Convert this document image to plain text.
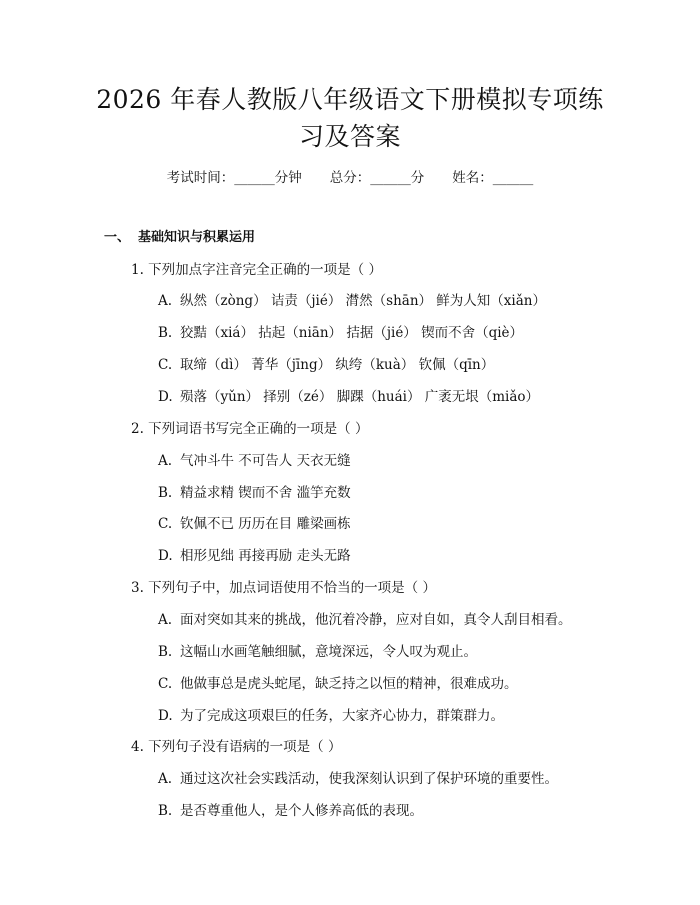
2026 年春人教版八年级语文下册模拟专项练
习及答案
考试时间：______分钟 总分：______分 姓名：______
一、 基础知识与积累运用
1. 下列加点字注音完全正确的一项是（ ）
A. 纵然（zòng） 诘责（jié） 潸然（shān） 鲜为人知（xiǎn）
B. 狡黠（xiá） 拈起（niān） 拮据（jié） 锲而不舍（qiè）
C. 取缔（dì） 菁华（jīng） 纨绔（kuà） 钦佩（qīn）
D. 殒落（yǔn） 择别（zé） 脚踝（huái） 广袤无垠（miǎo）
2. 下列词语书写完全正确的一项是（ ）
A. 气冲斗牛 不可告人 天衣无缝
B. 精益求精 锲而不舍 滥竽充数
C. 钦佩不已 历历在目 雕梁画栋
D. 相形见绌 再接再励 走头无路
3. 下列句子中，加点词语使用不恰当的一项是（ ）
A. 面对突如其来的挑战，他沉着冷静，应对自如，真令人刮目相看。
B. 这幅山水画笔触细腻，意境深远，令人叹为观止。
C. 他做事总是虎头蛇尾，缺乏持之以恒的精神，很难成功。
D. 为了完成这项艰巨的任务，大家齐心协力，群策群力。
4. 下列句子没有语病的一项是（ ）
A. 通过这次社会实践活动，使我深刻认识到了保护环境的重要性。
B. 是否尊重他人，是个人修养高低的表现。
